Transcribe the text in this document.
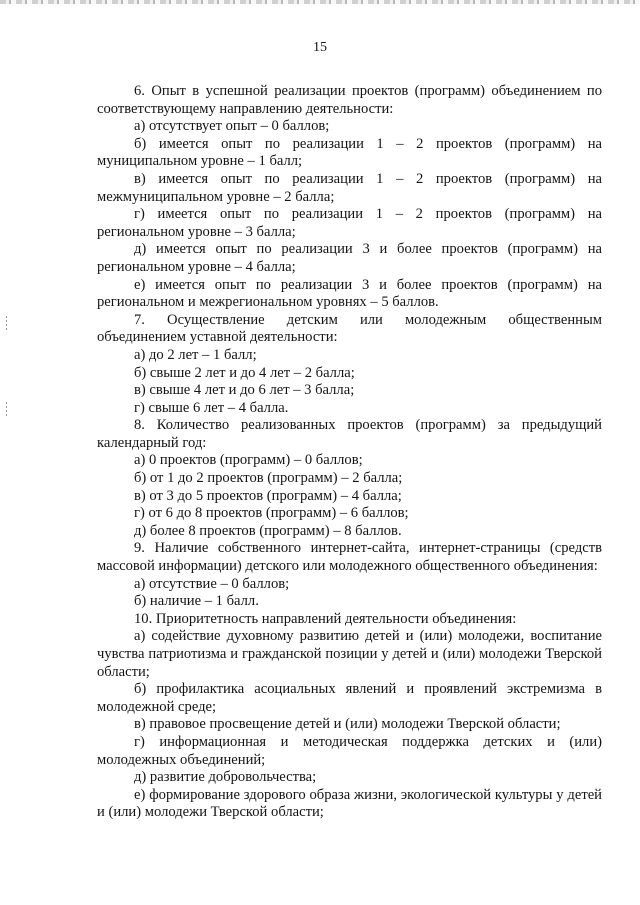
15

6. Опыт в успешной реализации проектов (программ) объединением по соответствующему направлению деятельности:

а) отсутствует опыт – 0 баллов;

б) имеется опыт по реализации 1 – 2 проектов (программ) на муниципальном уровне – 1 балл;

в) имеется опыт по реализации 1 – 2 проектов (программ) на межмуниципальном уровне – 2 балла;

г) имеется опыт по реализации 1 – 2 проектов (программ) на региональном уровне – 3 балла;

д) имеется опыт по реализации 3 и более проектов (программ) на региональном уровне – 4 балла;

е) имеется опыт по реализации 3 и более проектов (программ) на региональном и межрегиональном уровнях – 5 баллов.

7. Осуществление детским или молодежным общественным объединением уставной деятельности:

а) до 2 лет – 1 балл;

б) свыше 2 лет и до 4 лет – 2 балла;

в) свыше 4 лет и до 6 лет – 3 балла;

г) свыше 6 лет – 4 балла.

8. Количество реализованных проектов (программ) за предыдущий календарный год:

а) 0 проектов (программ) – 0 баллов;

б) от 1 до 2 проектов (программ) – 2 балла;

в) от 3 до 5 проектов (программ) – 4 балла;

г) от 6 до 8 проектов (программ) – 6 баллов;

д) более 8 проектов (программ) – 8 баллов.

9. Наличие собственного интернет-сайта, интернет-страницы (средств массовой информации) детского или молодежного общественного объединения:

а) отсутствие – 0 баллов;

б) наличие – 1 балл.

10. Приоритетность направлений деятельности объединения:

а) содействие духовному развитию детей и (или) молодежи, воспитание чувства патриотизма и гражданской позиции у детей и (или) молодежи Тверской области;

б) профилактика асоциальных явлений и проявлений экстремизма в молодежной среде;

в) правовое просвещение детей и (или) молодежи Тверской области;

г) информационная и методическая поддержка детских и (или) молодежных объединений;

д) развитие добровольчества;

е) формирование здорового образа жизни, экологической культуры у детей и (или) молодежи Тверской области;
